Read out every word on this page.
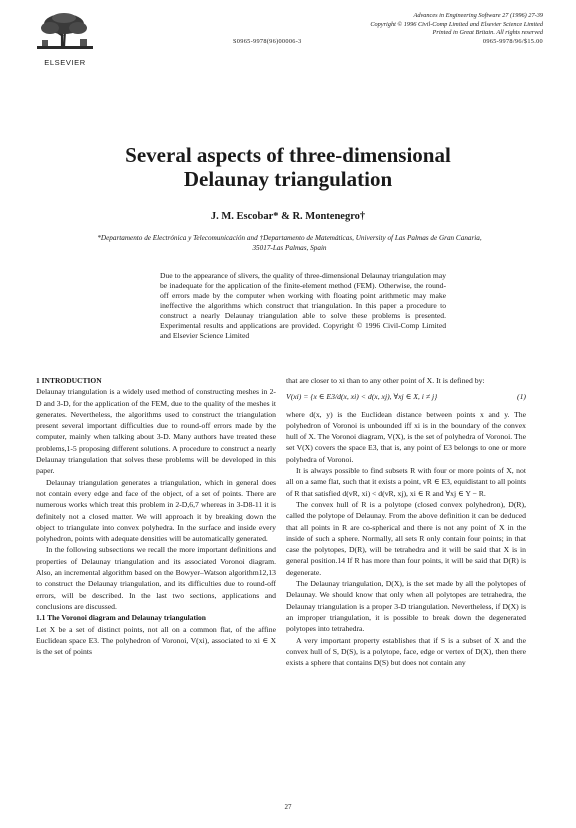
ELSEVIER
Advances in Engineering Software 27 (1996) 27-39
Copyright © 1996 Civil-Comp Limited and Elsevier Science Limited
Printed in Great Britain. All rights reserved
S0965-9978(96)00006-3	0965-9978/96/$15.00
Several aspects of three-dimensional
Delaunay triangulation
J. M. Escobar* & R. Montenegro†
*Departamento de Electrónica y Telecomunicación and †Departamento de Matemáticas, University of Las Palmas de Gran Canaria,
35017-Las Palmas, Spain
Due to the appearance of slivers, the quality of three-dimensional Delaunay triangulation may be inadequate for the application of the finite-element method (FEM). Otherwise, the round-off errors made by the computer when working with floating point arithmetic may make ineffective the algorithms which construct that triangulation. In this paper a procedure to construct a nearly Delaunay triangulation able to solve these problems is presented. Experimental results and applications are provided. Copyright © 1996 Civil-Comp Limited and Elsevier Science Limited

1 INTRODUCTION

Delaunay triangulation is a widely used method of constructing meshes in 2-D and 3-D, for the application of the FEM, due to the quality of the meshes it generates. Nevertheless, the algorithms used to construct the triangulation present several important difficulties due to round-off errors made by the computer, mainly when talking about 3-D. Many authors have treated these problems,1-5 proposing different solutions. A procedure to construct a nearly Delaunay triangulation that solves these problems will be developed in this paper.

Delaunay triangulation generates a triangulation, which in general does not contain every edge and face of the object, of a set of points. There are numerous works which treat this problem in 2-D,6,7 whereas in 3-D8-11 it is definitely not a closed matter. We will approach it by breaking down the object to triangulate into convex polyhedra. In the surface and inside every polyhedron, points with adequate densities will be automatically generated.

In the following subsections we recall the more important definitions and properties of Delaunay triangulation and its associated Voronoi diagram. Also, an incremental algorithm based on the Bowyer–Watson algorithm12,13 to construct the Delaunay triangulation, and its difficulties due to round-off errors, will be described. In the last two sections, applications and conclusions are discussed.

1.1 The Voronoi diagram and Delaunay triangulation

Let X be a set of distinct points, not all on a common flat, of the affine Euclidean space E3. The polyhedron of Voronoi, V(xi), associated to xi ∈ X is the set of points

that are closer to xi than to any other point of X. It is defined by:

V(xi) = {x ∈ E3/d(x, xi) < d(x, xj), ∀xj ∈ X, i ≠ j}	(1)

where d(x, y) is the Euclidean distance between points x and y. The polyhedron of Voronoi is unbounded iff xi is in the boundary of the convex hull of X. The Voronoi diagram, V(X), is the set of polyhedra of Voronoi. The set V(X) covers the space E3, that is, any point of E3 belongs to one or more polyhedra of Voronoi.

It is always possible to find subsets R with four or more points of X, not all on a same flat, such that it exists a point, vR ∈ E3, equidistant to all points of R that satisfied d(vR, xi) < d(vR, xj), xi ∈ R and ∀xj ∈ Y − R.

The convex hull of R is a polytope (closed convex polyhedron), D(R), called the polytope of Delaunay. From the above definition it can be deduced that all points in R are co-spherical and there is not any point of X in the inside of such a sphere. Normally, all sets R only contain four points; in that case the polytopes, D(R), will be tetrahedra and it will be said that X is in general position.14 If R has more than four points, it will be said that D(R) is degenerate.

The Delaunay triangulation, D(X), is the set made by all the polytopes of Delaunay. We should know that only when all polytopes are tetrahedra, the Delaunay triangulation is a proper 3-D triangulation. Nevertheless, if D(X) is an improper triangulation, it is possible to break down the degenerated polytopes into tetrahedra.

A very important property establishes that if S is a subset of X and the convex hull of S, D(S), is a polytope, face, edge or vertex of D(X), then there exists a sphere that contains D(S) but does not contain any

27
